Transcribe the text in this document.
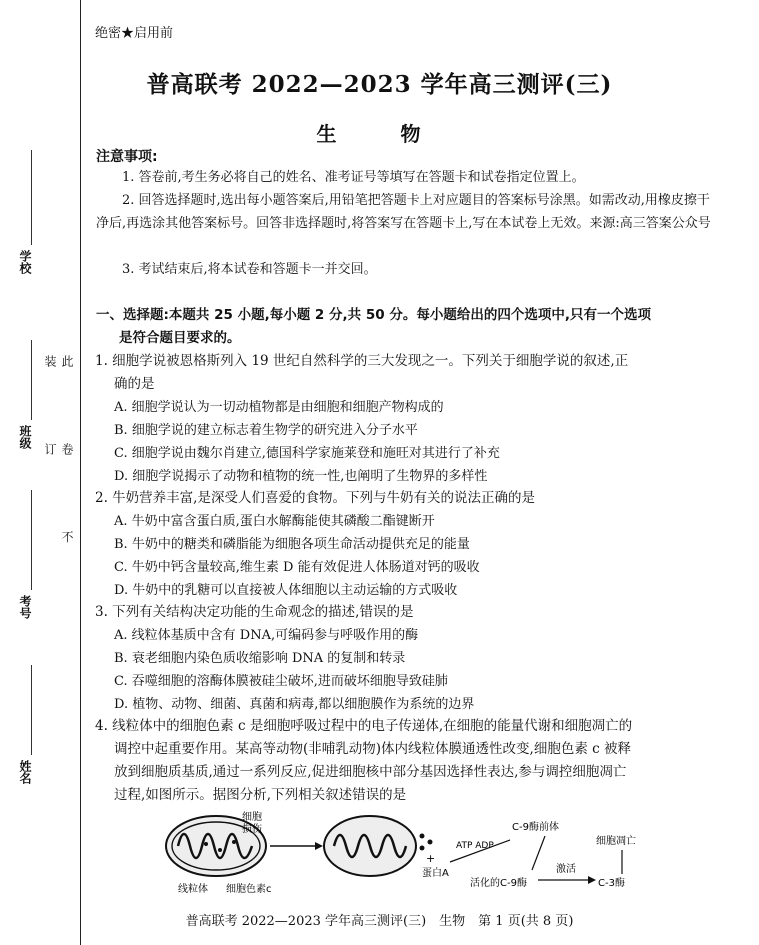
学校
班级
考号
姓名
此 卷 不 装 订
绝密★启用前
普高联考 2022—2023 学年高三测评(三)
生　物
注意事项:
1. 答卷前,考生务必将自己的姓名、准考证号等填写在答题卡和试卷指定位置上。
2. 回答选择题时,选出每小题答案后,用铅笔把答题卡上对应题目的答案标号涂黑。如需改动,用橡皮擦干净后,再选涂其他答案标号。回答非选择题时,将答案写在答题卡上,写在本试卷上无效。来源:高三答案公众号
3. 考试结束后,将本试卷和答题卡一并交回。
一、选择题:本题共 25 小题,每小题 2 分,共 50 分。每小题给出的四个选项中,只有一个选项
是符合题目要求的。
1. 细胞学说被恩格斯列入 19 世纪自然科学的三大发现之一。下列关于细胞学说的叙述,正
确的是
A. 细胞学说认为一切动植物都是由细胞和细胞产物构成的
B. 细胞学说的建立标志着生物学的研究进入分子水平
C. 细胞学说由魏尔肖建立,德国科学家施莱登和施旺对其进行了补充
D. 细胞学说揭示了动物和植物的统一性,也阐明了生物界的多样性
2. 牛奶营养丰富,是深受人们喜爱的食物。下列与牛奶有关的说法正确的是
A. 牛奶中富含蛋白质,蛋白水解酶能使其磷酸二酯键断开
B. 牛奶中的糖类和磷脂能为细胞各项生命活动提供充足的能量
C. 牛奶中钙含量较高,维生素 D 能有效促进人体肠道对钙的吸收
D. 牛奶中的乳糖可以直接被人体细胞以主动运输的方式吸收
3. 下列有关结构决定功能的生命观念的描述,错误的是
A. 线粒体基质中含有 DNA,可编码参与呼吸作用的酶
B. 衰老细胞内染色质收缩影响 DNA 的复制和转录
C. 吞噬细胞的溶酶体膜被硅尘破坏,进而破坏细胞导致硅肺
D. 植物、动物、细菌、真菌和病毒,都以细胞膜作为系统的边界
4. 线粒体中的细胞色素 c 是细胞呼吸过程中的电子传递体,在细胞的能量代谢和细胞凋亡的
调控中起重要作用。某高等动物(非哺乳动物)体内线粒体膜通透性改变,细胞色素 c 被释
放到细胞质基质,通过一系列反应,促进细胞核中部分基因选择性表达,参与调控细胞凋亡
过程,如图所示。据图分析,下列相关叙述错误的是
细胞
损伤
+
蛋白A
ATP ADP
C-9酶前体
活化的C-9酶
激活
C-3酶
细胞凋亡
线粒体 细胞色素c
普高联考 2022—2023 学年高三测评(三)　生物　第 1 页(共 8 页)
